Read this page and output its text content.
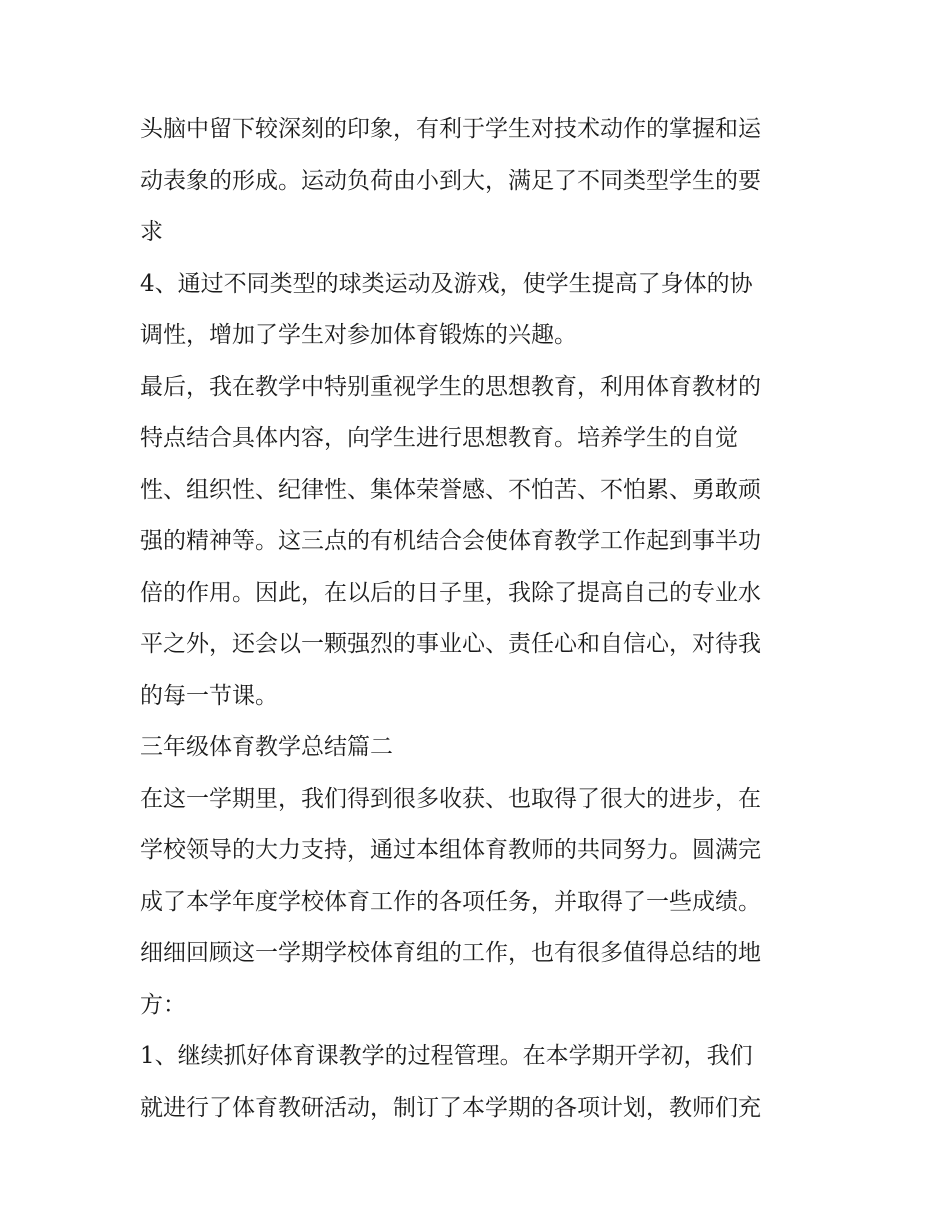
头脑中留下较深刻的印象，有利于学生对技术动作的掌握和运
动表象的形成。运动负荷由小到大，满足了不同类型学生的要
求
4、通过不同类型的球类运动及游戏，使学生提高了身体的协
调性，增加了学生对参加体育锻炼的兴趣。
最后，我在教学中特别重视学生的思想教育，利用体育教材的
特点结合具体内容，向学生进行思想教育。培养学生的自觉
性、组织性、纪律性、集体荣誉感、不怕苦、不怕累、勇敢顽
强的精神等。这三点的有机结合会使体育教学工作起到事半功
倍的作用。因此，在以后的日子里，我除了提高自己的专业水
平之外，还会以一颗强烈的事业心、责任心和自信心，对待我
的每一节课。
三年级体育教学总结篇二
在这一学期里，我们得到很多收获、也取得了很大的进步，在
学校领导的大力支持，通过本组体育教师的共同努力。圆满完
成了本学年度学校体育工作的各项任务，并取得了一些成绩。
细细回顾这一学期学校体育组的工作，也有很多值得总结的地
方：
1、继续抓好体育课教学的过程管理。在本学期开学初，我们
就进行了体育教研活动，制订了本学期的各项计划，教师们充
